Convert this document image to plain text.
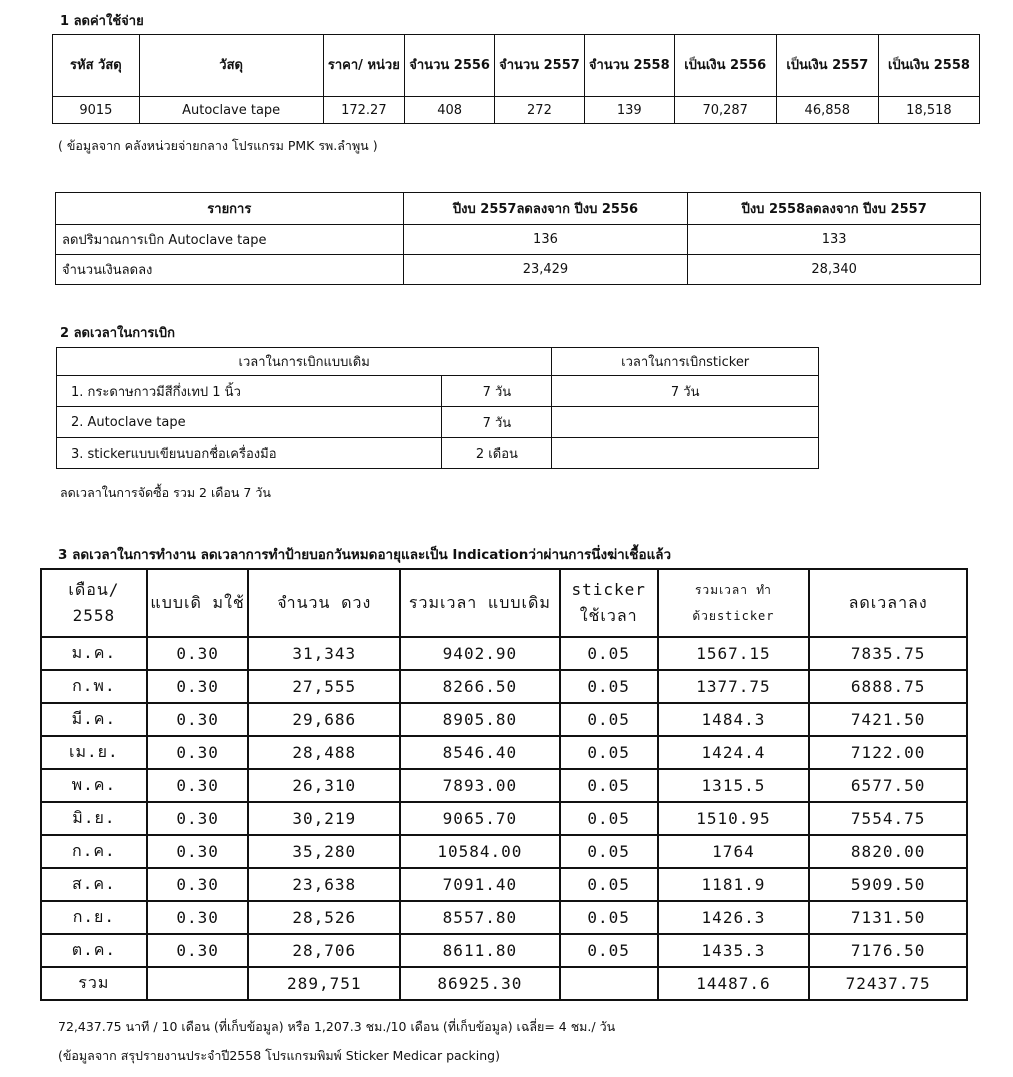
1 ลดค่าใช้จ่าย
รหัส วัสดุ	วัสดุ	ราคา/ หน่วย	จำนวน 2556	จำนวน 2557	จำนวน 2558	เป็นเงิน 2556	เป็นเงิน 2557	เป็นเงิน 2558
9015	Autoclave tape	172.27	408	272	139	70,287	46,858	18,518
( ข้อมูลจาก คลังหน่วยจ่ายกลาง โปรแกรม PMK รพ.ลำพูน )
รายการ	ปีงบ 2557ลดลงจาก ปีงบ 2556	ปีงบ 2558ลดลงจาก ปีงบ 2557
ลดปริมาณการเบิก Autoclave tape	136	133
จำนวนเงินลดลง	23,429	28,340
2 ลดเวลาในการเบิก
เวลาในการเบิกแบบเดิม		เวลาในการเบิกsticker
1. กระดาษกาวมีสีกึ่งเทป 1 นิ้ว	7 วัน	7 วัน
2. Autoclave tape	7 วัน	
3. stickerแบบเขียนบอกชื่อเครื่องมือ	2 เดือน	
ลดเวลาในการจัดซื้อ รวม 2 เดือน 7 วัน
3 ลดเวลาในการทำงาน ลดเวลาการทำป้ายบอกวันหมดอายุและเป็น Indicationว่าผ่านการนึ่งฆ่าเชื้อแล้ว
เดือน/ 2558	แบบเดิ มใช้	จำนวน ดวง	รวมเวลา แบบเดิม	sticker ใช้เวลา	รวมเวลา ทำ ด้วยsticker	ลดเวลาลง
ม.ค.	0.30	31,343	9402.90	0.05	1567.15	7835.75
ก.พ.	0.30	27,555	8266.50	0.05	1377.75	6888.75
มี.ค.	0.30	29,686	8905.80	0.05	1484.3	7421.50
เม.ย.	0.30	28,488	8546.40	0.05	1424.4	7122.00
พ.ค.	0.30	26,310	7893.00	0.05	1315.5	6577.50
มิ.ย.	0.30	30,219	9065.70	0.05	1510.95	7554.75
ก.ค.	0.30	35,280	10584.00	0.05	1764	8820.00
ส.ค.	0.30	23,638	7091.40	0.05	1181.9	5909.50
ก.ย.	0.30	28,526	8557.80	0.05	1426.3	7131.50
ต.ค.	0.30	28,706	8611.80	0.05	1435.3	7176.50
รวม		289,751	86925.30		14487.6	72437.75
72,437.75 นาที / 10 เดือน (ที่เก็บข้อมูล) หรือ 1,207.3 ชม./10 เดือน (ที่เก็บข้อมูล) เฉลี่ย= 4 ชม./ วัน
(ข้อมูลจาก สรุปรายงานประจำปี2558 โปรแกรมพิมพ์ Sticker Medicar packing)
